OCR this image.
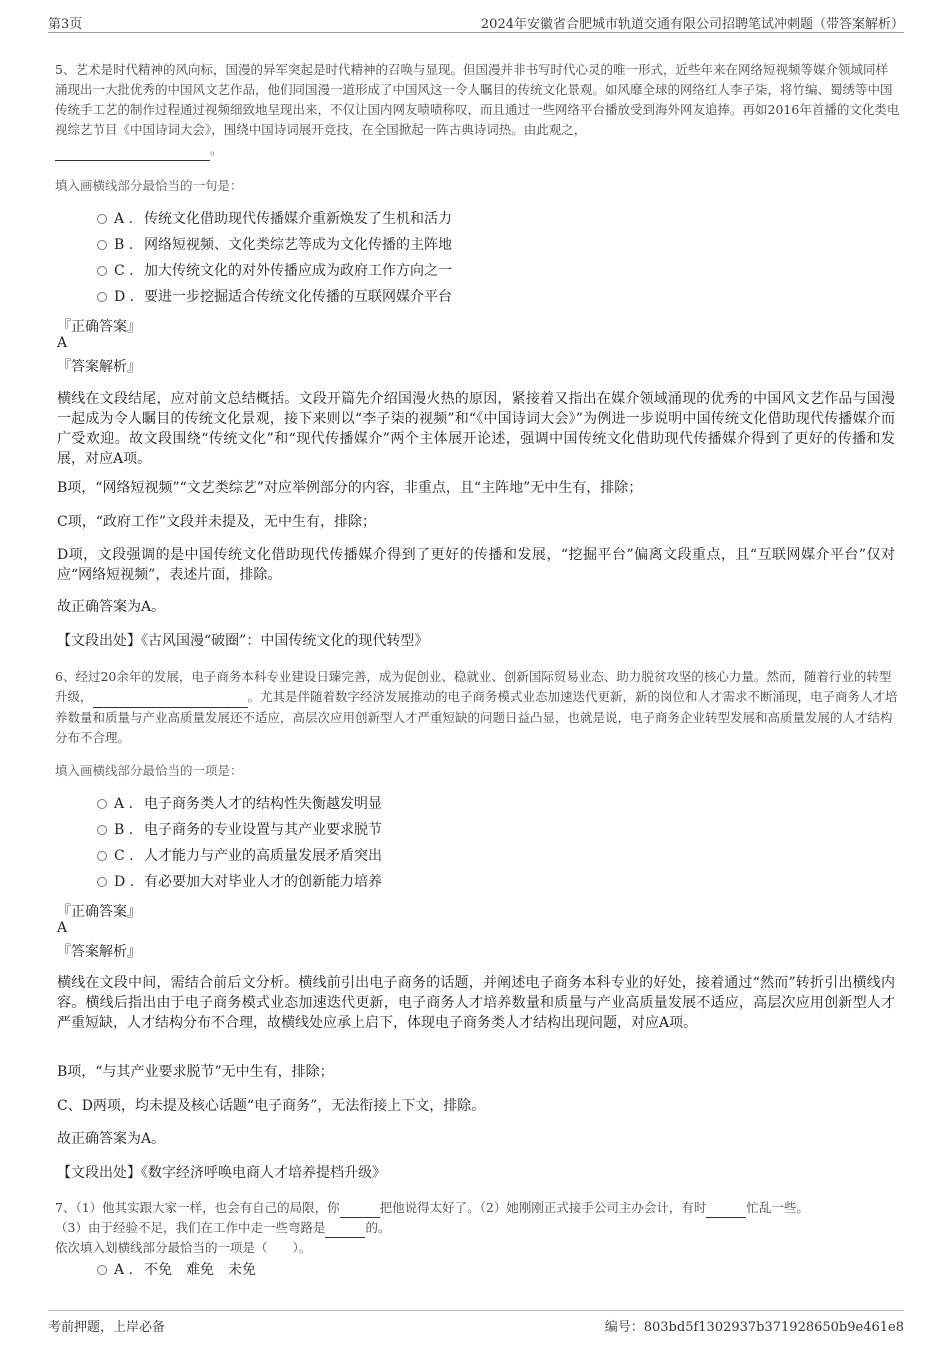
第3页	2024年安徽省合肥城市轨道交通有限公司招聘笔试冲刺题（带答案解析）
5、艺术是时代精神的风向标，国漫的异军突起是时代精神的召唤与显现。但国漫并非书写时代心灵的唯一形式，近些年来在网络短视频等媒介领域同样涌现出一大批优秀的中国风文艺作品，他们同国漫一道形成了中国风这一令人瞩目的传统文化景观。如风靡全球的网络红人李子柒，将竹编、蜀绣等中国传统手工艺的制作过程通过视频细致地呈现出来，不仅让国内网友啧啧称叹，而且通过一些网络平台播放受到海外网友追捧。再如2016年首播的文化类电视综艺节目《中国诗词大会》，围绕中国诗词展开竞技，在全国掀起一阵古典诗词热。由此观之，
。
填入画横线部分最恰当的一句是：
A . 传统文化借助现代传播媒介重新焕发了生机和活力
B . 网络短视频、文化类综艺等成为文化传播的主阵地
C . 加大传统文化的对外传播应成为政府工作方向之一
D . 要进一步挖掘适合传统文化传播的互联网媒介平台
『正确答案』
A
『答案解析』
横线在文段结尾，应对前文总结概括。文段开篇先介绍国漫火热的原因，紧接着又指出在媒介领域涌现的优秀的中国风文艺作品与国漫一起成为令人瞩目的传统文化景观，接下来则以“李子柒的视频”和“《中国诗词大会》”为例进一步说明中国传统文化借助现代传播媒介而广受欢迎。故文段围绕“传统文化”和“现代传播媒介”两个主体展开论述，强调中国传统文化借助现代传播媒介得到了更好的传播和发展，对应A项。
B项，“网络短视频”“文艺类综艺”对应举例部分的内容，非重点，且“主阵地”无中生有，排除；
C项，“政府工作”文段并未提及，无中生有，排除；
D项，文段强调的是中国传统文化借助现代传播媒介得到了更好的传播和发展，“挖掘平台”偏离文段重点，且“互联网媒介平台”仅对应“网络短视频”，表述片面，排除。
故正确答案为A。
【文段出处】《古风国漫“破圈”：中国传统文化的现代转型》
6、经过20余年的发展，电子商务本科专业建设日臻完善，成为促创业、稳就业、创新国际贸易业态、助力脱贫攻坚的核心力量。然而，随着行业的转型升级，	。尤其是伴随着数字经济发展推动的电子商务模式业态加速迭代更新，新的岗位和人才需求不断涌现，电子商务人才培养数量和质量与产业高质量发展还不适应，高层次应用创新型人才严重短缺的问题日益凸显，也就是说，电子商务企业转型发展和高质量发展的人才结构分布不合理。
填入画横线部分最恰当的一项是：
A . 电子商务类人才的结构性失衡越发明显
B . 电子商务的专业设置与其产业要求脱节
C . 人才能力与产业的高质量发展矛盾突出
D . 有必要加大对毕业人才的创新能力培养
『正确答案』
A
『答案解析』
横线在文段中间，需结合前后文分析。横线前引出电子商务的话题，并阐述电子商务本科专业的好处，接着通过“然而”转折引出横线内容。横线后指出由于电子商务模式业态加速迭代更新，电子商务人才培养数量和质量与产业高质量发展不适应，高层次应用创新型人才严重短缺，人才结构分布不合理，故横线处应承上启下，体现电子商务类人才结构出现问题，对应A项。
B项，“与其产业要求脱节”无中生有，排除；
C、D两项，均未提及核心话题“电子商务”，无法衔接上下文，排除。
故正确答案为A。
【文段出处】《数字经济呼唤电商人才培养提档升级》
7、（1）他其实跟大家一样，也会有自己的局限，你	把他说得太好了。（2）她刚刚正式接手公司主办会计，有时	忙乱一些。
（3）由于经验不足，我们在工作中走一些弯路是	的。
依次填入划横线部分最恰当的一项是（　　）。
A . 不免　难免　未免
考前押题，上岸必备	编号：803bd5f1302937b371928650b9e461e8
